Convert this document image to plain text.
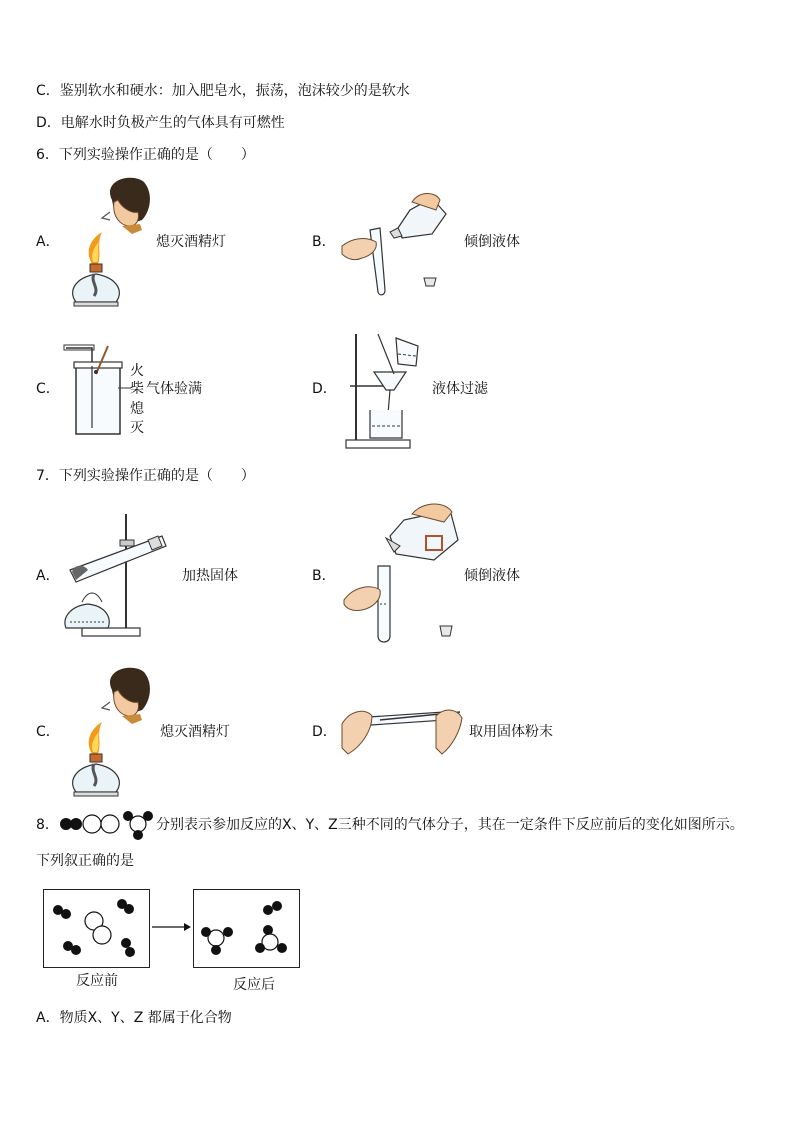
C．鉴别软水和硬水：加入肥皂水，振荡，泡沫较少的是软水
D．电解水时负极产生的气体具有可燃性
6．下列实验操作正确的是（　　）
A．	熄灭酒精灯	B．	倾倒液体
C．
火
柴
熄
灭
气体验满	D．	液体过滤
7．下列实验操作正确的是（　　）
A．	加热固体	B．	倾倒液体
C．	熄灭酒精灯	D．	取用固体粉末
8．	分别表示参加反应的X、Y、Z三种不同的气体分子，其在一定条件下反应前后的变化如图所示。
下列叙正确的是
反应前	反应后
A．物质X、Y、Z 都属于化合物
